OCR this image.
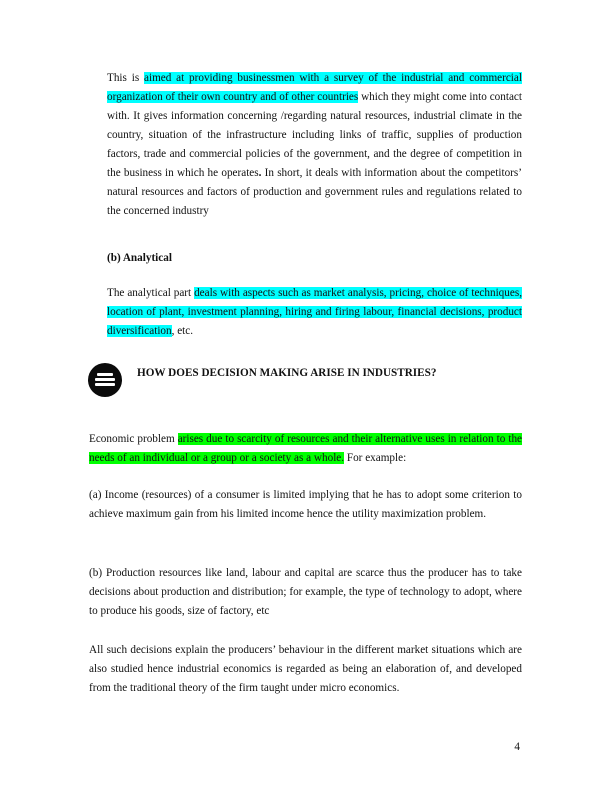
This is aimed at providing businessmen with a survey of the industrial and commercial organization of their own country and of other countries which they might come into contact with. It gives information concerning /regarding natural resources, industrial climate in the country, situation of the infrastructure including links of traffic, supplies of production factors, trade and commercial policies of the government, and the degree of competition in the business in which he operates. In short, it deals with information about the competitors’ natural resources and factors of production and government rules and regulations related to the concerned industry

(b) Analytical

The analytical part deals with aspects such as market analysis, pricing, choice of techniques, location of plant, investment planning, hiring and firing labour, financial decisions, product diversification, etc.

HOW DOES DECISION MAKING ARISE IN INDUSTRIES?

Economic problem arises due to scarcity of resources and their alternative uses in relation to the needs of an individual or a group or a society as a whole. For example:

(a) Income (resources) of a consumer is limited implying that he has to adopt some criterion to achieve maximum gain from his limited income hence the utility maximization problem.

(b) Production resources like land, labour and capital are scarce thus the producer has to take decisions about production and distribution; for example, the type of technology to adopt, where to produce his goods, size of factory, etc

All such decisions explain the producers’ behaviour in the different market situations which are also studied hence industrial economics is regarded as being an elaboration of, and developed from the traditional theory of the firm taught under micro economics.

4
